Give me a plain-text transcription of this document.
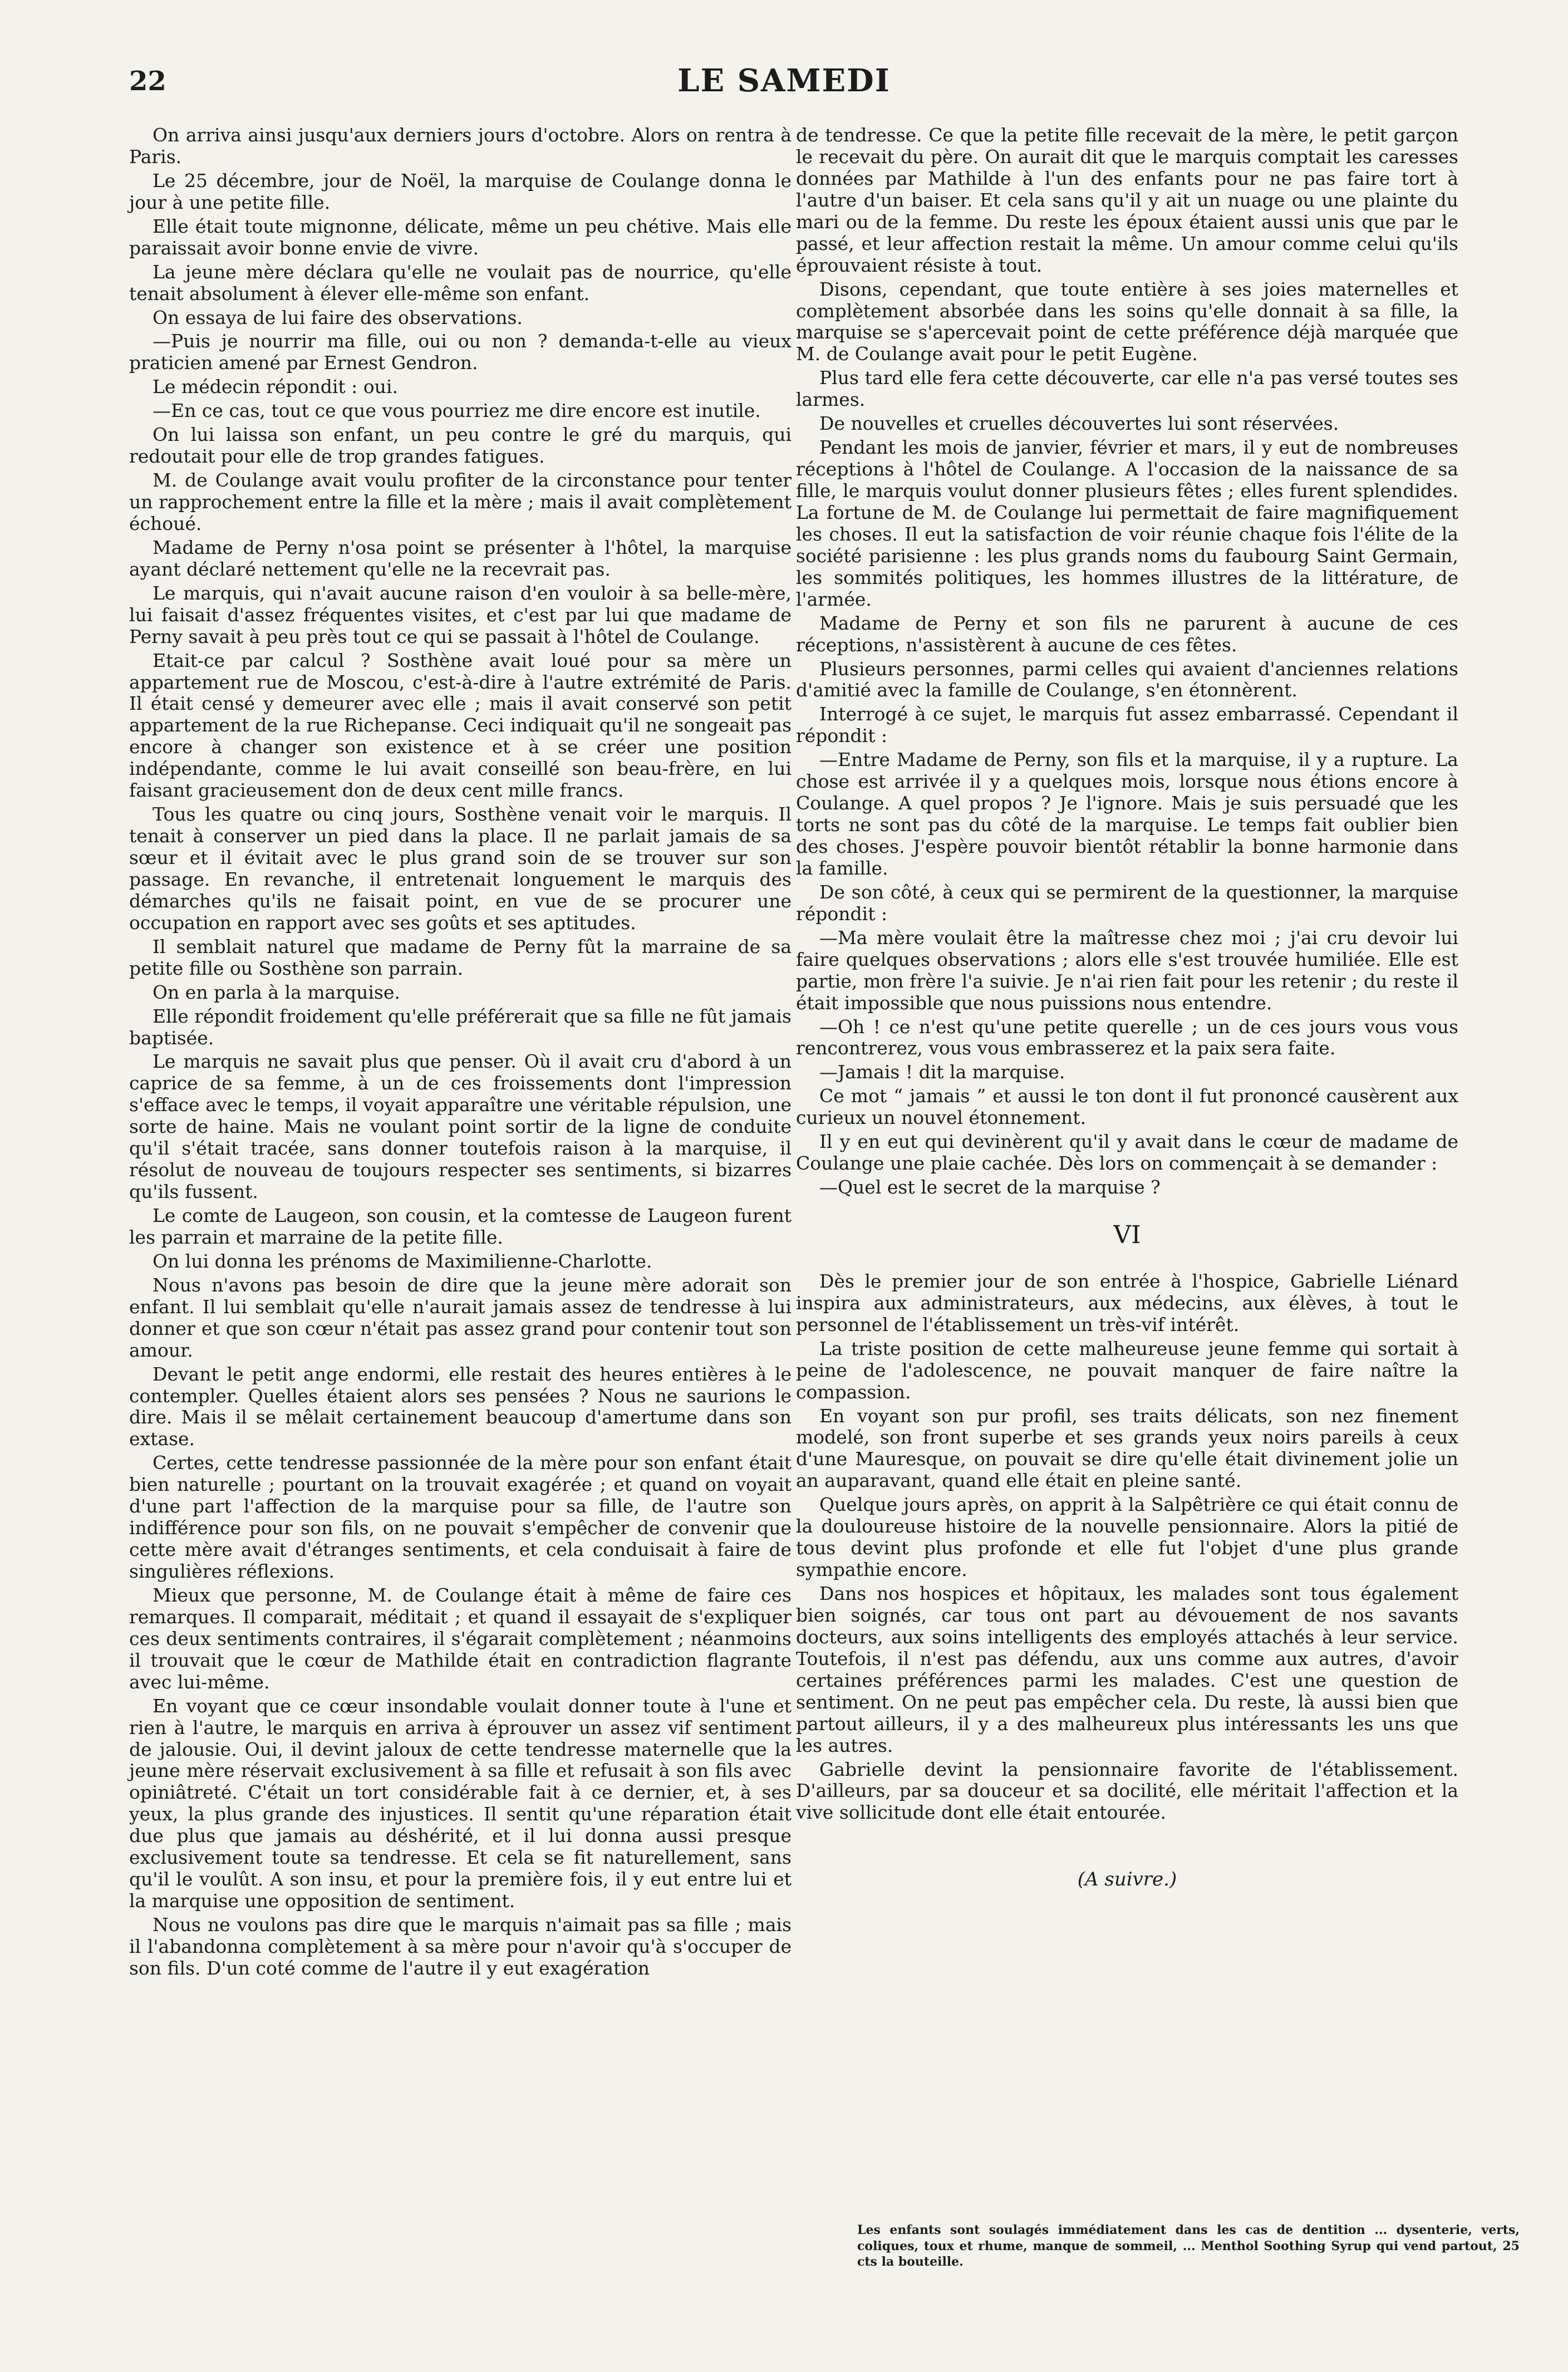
22	LE SAMEDI

On arriva ainsi jusqu'aux derniers jours d'octobre. Alors on rentra à Paris.

Le 25 décembre, jour de Noël, la marquise de Coulange donna le jour à une petite fille.

Elle était toute mignonne, délicate, même un peu chétive. Mais elle paraissait avoir bonne envie de vivre.

La jeune mère déclara qu'elle ne voulait pas de nourrice, qu'elle tenait absolument à élever elle-même son enfant.

On essaya de lui faire des observations.

—Puis je nourrir ma fille, oui ou non ? demanda-t-elle au vieux praticien amené par Ernest Gendron.

Le médecin répondit : oui.

—En ce cas, tout ce que vous pourriez me dire encore est inutile.

On lui laissa son enfant, un peu contre le gré du marquis, qui redoutait pour elle de trop grandes fatigues.

M. de Coulange avait voulu profiter de la circonstance pour tenter un rapprochement entre la fille et la mère ; mais il avait complètement échoué.

Madame de Perny n'osa point se présenter à l'hôtel, la marquise ayant déclaré nettement qu'elle ne la recevrait pas.

Le marquis, qui n'avait aucune raison d'en vouloir à sa belle-mère, lui faisait d'assez fréquentes visites, et c'est par lui que madame de Perny savait à peu près tout ce qui se passait à l'hôtel de Coulange.

Etait-ce par calcul ? Sosthène avait loué pour sa mère un appartement rue de Moscou, c'est-à-dire à l'autre extrémité de Paris. Il était censé y demeurer avec elle ; mais il avait conservé son petit appartement de la rue Richepanse. Ceci indiquait qu'il ne songeait pas encore à changer son existence et à se créer une position indépendante, comme le lui avait conseillé son beau-frère, en lui faisant gracieusement don de deux cent mille francs.

Tous les quatre ou cinq jours, Sosthène venait voir le marquis. Il tenait à conserver un pied dans la place. Il ne parlait jamais de sa sœur et il évitait avec le plus grand soin de se trouver sur son passage. En revanche, il entretenait longuement le marquis des démarches qu'ils ne faisait point, en vue de se procurer une occupation en rapport avec ses goûts et ses aptitudes.

Il semblait naturel que madame de Perny fût la marraine de sa petite fille ou Sosthène son parrain.

On en parla à la marquise.

Elle répondit froidement qu'elle préférerait que sa fille ne fût jamais baptisée.

Le marquis ne savait plus que penser. Où il avait cru d'abord à un caprice de sa femme, à un de ces froissements dont l'impression s'efface avec le temps, il voyait apparaître une véritable répulsion, une sorte de haine. Mais ne voulant point sortir de la ligne de conduite qu'il s'était tracée, sans donner toutefois raison à la marquise, il résolut de nouveau de toujours respecter ses sentiments, si bizarres qu'ils fussent.

Le comte de Laugeon, son cousin, et la comtesse de Laugeon furent les parrain et marraine de la petite fille.

On lui donna les prénoms de Maximilienne-Charlotte.

Nous n'avons pas besoin de dire que la jeune mère adorait son enfant. Il lui semblait qu'elle n'aurait jamais assez de tendresse à lui donner et que son cœur n'était pas assez grand pour contenir tout son amour.

Devant le petit ange endormi, elle restait des heures entières à le contempler. Quelles étaient alors ses pensées ? Nous ne saurions le dire. Mais il se mêlait certainement beaucoup d'amertume dans son extase.

Certes, cette tendresse passionnée de la mère pour son enfant était bien naturelle ; pourtant on la trouvait exagérée ; et quand on voyait d'une part l'affection de la marquise pour sa fille, de l'autre son indifférence pour son fils, on ne pouvait s'empêcher de convenir que cette mère avait d'étranges sentiments, et cela conduisait à faire de singulières réflexions.

Mieux que personne, M. de Coulange était à même de faire ces remarques. Il comparait, méditait ; et quand il essayait de s'expliquer ces deux sentiments contraires, il s'égarait complètement ; néanmoins il trouvait que le cœur de Mathilde était en contradiction flagrante avec lui-même.

En voyant que ce cœur insondable voulait donner toute à l'une et rien à l'autre, le marquis en arriva à éprouver un assez vif sentiment de jalousie. Oui, il devint jaloux de cette tendresse maternelle que la jeune mère réservait exclusivement à sa fille et refusait à son fils avec opiniâtreté. C'était un tort considérable fait à ce dernier, et, à ses yeux, la plus grande des injustices. Il sentit qu'une réparation était due plus que jamais au déshérité, et il lui donna aussi presque exclusivement toute sa tendresse. Et cela se fit naturellement, sans qu'il le voulût. A son insu, et pour la première fois, il y eut entre lui et la marquise une opposition de sentiment.

Nous ne voulons pas dire que le marquis n'aimait pas sa fille ; mais il l'abandonna complètement à sa mère pour n'avoir qu'à s'occuper de son fils. D'un coté comme de l'autre il y eut exagération

de tendresse. Ce que la petite fille recevait de la mère, le petit garçon le recevait du père. On aurait dit que le marquis comptait les caresses données par Mathilde à l'un des enfants pour ne pas faire tort à l'autre d'un baiser. Et cela sans qu'il y ait un nuage ou une plainte du mari ou de la femme. Du reste les époux étaient aussi unis que par le passé, et leur affection restait la même. Un amour comme celui qu'ils éprouvaient résiste à tout.

Disons, cependant, que toute entière à ses joies maternelles et complètement absorbée dans les soins qu'elle donnait à sa fille, la marquise se s'apercevait point de cette préférence déjà marquée que M. de Coulange avait pour le petit Eugène.

Plus tard elle fera cette découverte, car elle n'a pas versé toutes ses larmes.

De nouvelles et cruelles découvertes lui sont réservées.

Pendant les mois de janvier, février et mars, il y eut de nombreuses réceptions à l'hôtel de Coulange. A l'occasion de la naissance de sa fille, le marquis voulut donner plusieurs fêtes ; elles furent splendides. La fortune de M. de Coulange lui permettait de faire magnifiquement les choses. Il eut la satisfaction de voir réunie chaque fois l'élite de la société parisienne : les plus grands noms du faubourg Saint Germain, les sommités politiques, les hommes illustres de la littérature, de l'armée.

Madame de Perny et son fils ne parurent à aucune de ces réceptions, n'assistèrent à aucune de ces fêtes.

Plusieurs personnes, parmi celles qui avaient d'anciennes relations d'amitié avec la famille de Coulange, s'en étonnèrent.

Interrogé à ce sujet, le marquis fut assez embarrassé. Cependant il répondit :

—Entre Madame de Perny, son fils et la marquise, il y a rupture. La chose est arrivée il y a quelques mois, lorsque nous étions encore à Coulange. A quel propos ? Je l'ignore. Mais je suis persuadé que les torts ne sont pas du côté de la marquise. Le temps fait oublier bien des choses. J'espère pouvoir bientôt rétablir la bonne harmonie dans la famille.

De son côté, à ceux qui se permirent de la questionner, la marquise répondit :

—Ma mère voulait être la maîtresse chez moi ; j'ai cru devoir lui faire quelques observations ; alors elle s'est trouvée humiliée. Elle est partie, mon frère l'a suivie. Je n'ai rien fait pour les retenir ; du reste il était impossible que nous puissions nous entendre.

—Oh ! ce n'est qu'une petite querelle ; un de ces jours vous vous rencontrerez, vous vous embrasserez et la paix sera faite.

—Jamais ! dit la marquise.

Ce mot “ jamais ” et aussi le ton dont il fut prononcé causèrent aux curieux un nouvel étonnement.

Il y en eut qui devinèrent qu'il y avait dans le cœur de madame de Coulange une plaie cachée. Dès lors on commençait à se demander :

—Quel est le secret de la marquise ?

VI

Dès le premier jour de son entrée à l'hospice, Gabrielle Liénard inspira aux administrateurs, aux médecins, aux élèves, à tout le personnel de l'établissement un très-vif intérêt.

La triste position de cette malheureuse jeune femme qui sortait à peine de l'adolescence, ne pouvait manquer de faire naître la compassion.

En voyant son pur profil, ses traits délicats, son nez finement modelé, son front superbe et ses grands yeux noirs pareils à ceux d'une Mauresque, on pouvait se dire qu'elle était divinement jolie un an auparavant, quand elle était en pleine santé.

Quelque jours après, on apprit à la Salpêtrière ce qui était connu de la douloureuse histoire de la nouvelle pensionnaire. Alors la pitié de tous devint plus profonde et elle fut l'objet d'une plus grande sympathie encore.

Dans nos hospices et hôpitaux, les malades sont tous également bien soignés, car tous ont part au dévouement de nos savants docteurs, aux soins intelligents des employés attachés à leur service. Toutefois, il n'est pas défendu, aux uns comme aux autres, d'avoir certaines préférences parmi les malades. C'est une question de sentiment. On ne peut pas empêcher cela. Du reste, là aussi bien que partout ailleurs, il y a des malheureux plus intéressants les uns que les autres.

Gabrielle devint la pensionnaire favorite de l'établissement. D'ailleurs, par sa douceur et sa docilité, elle méritait l'affection et la vive sollicitude dont elle était entourée.

(A suivre.)
Les enfants sont soulagés immédiatement dans les cas de dentition ... dysenterie, verts, coliques, toux et rhume, manque de sommeil, ... Menthol Soothing Syrup qui vend partout, 25 cts la bouteille.
